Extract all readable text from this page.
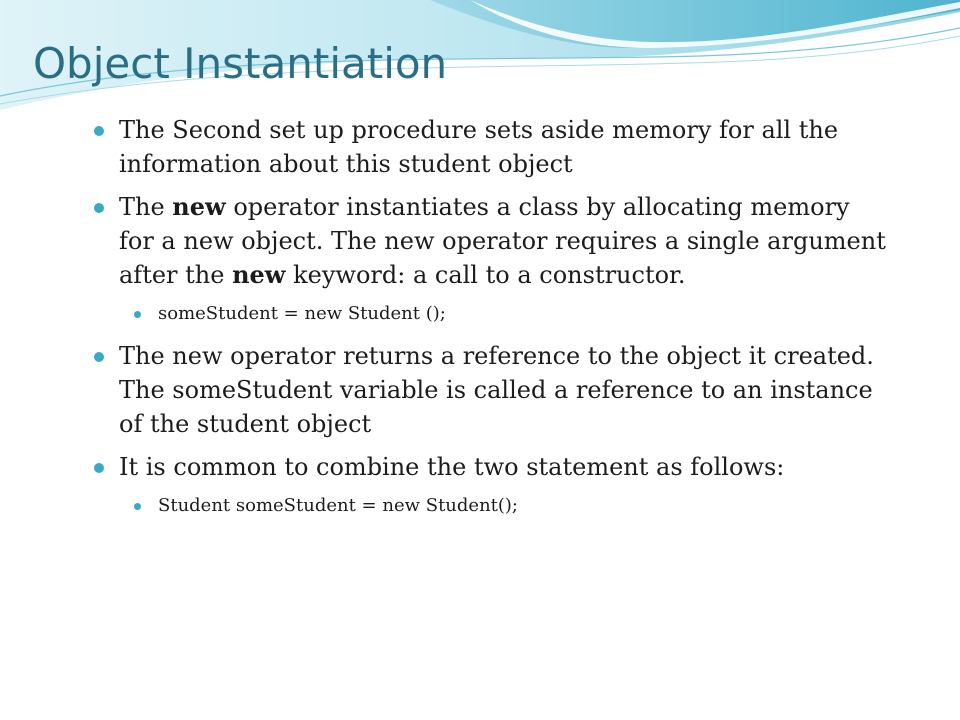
Object Instantiation
The Second set up procedure sets aside memory for all the information about this student object
The new operator instantiates a class by allocating memory for a new object. The new operator requires a single argument after the new keyword: a call to a constructor.
someStudent = new Student ();
The new operator returns a reference to the object it created. The someStudent variable is called a reference to an instance of the student object
It is common to combine the two statement as follows:
Student someStudent = new Student();
